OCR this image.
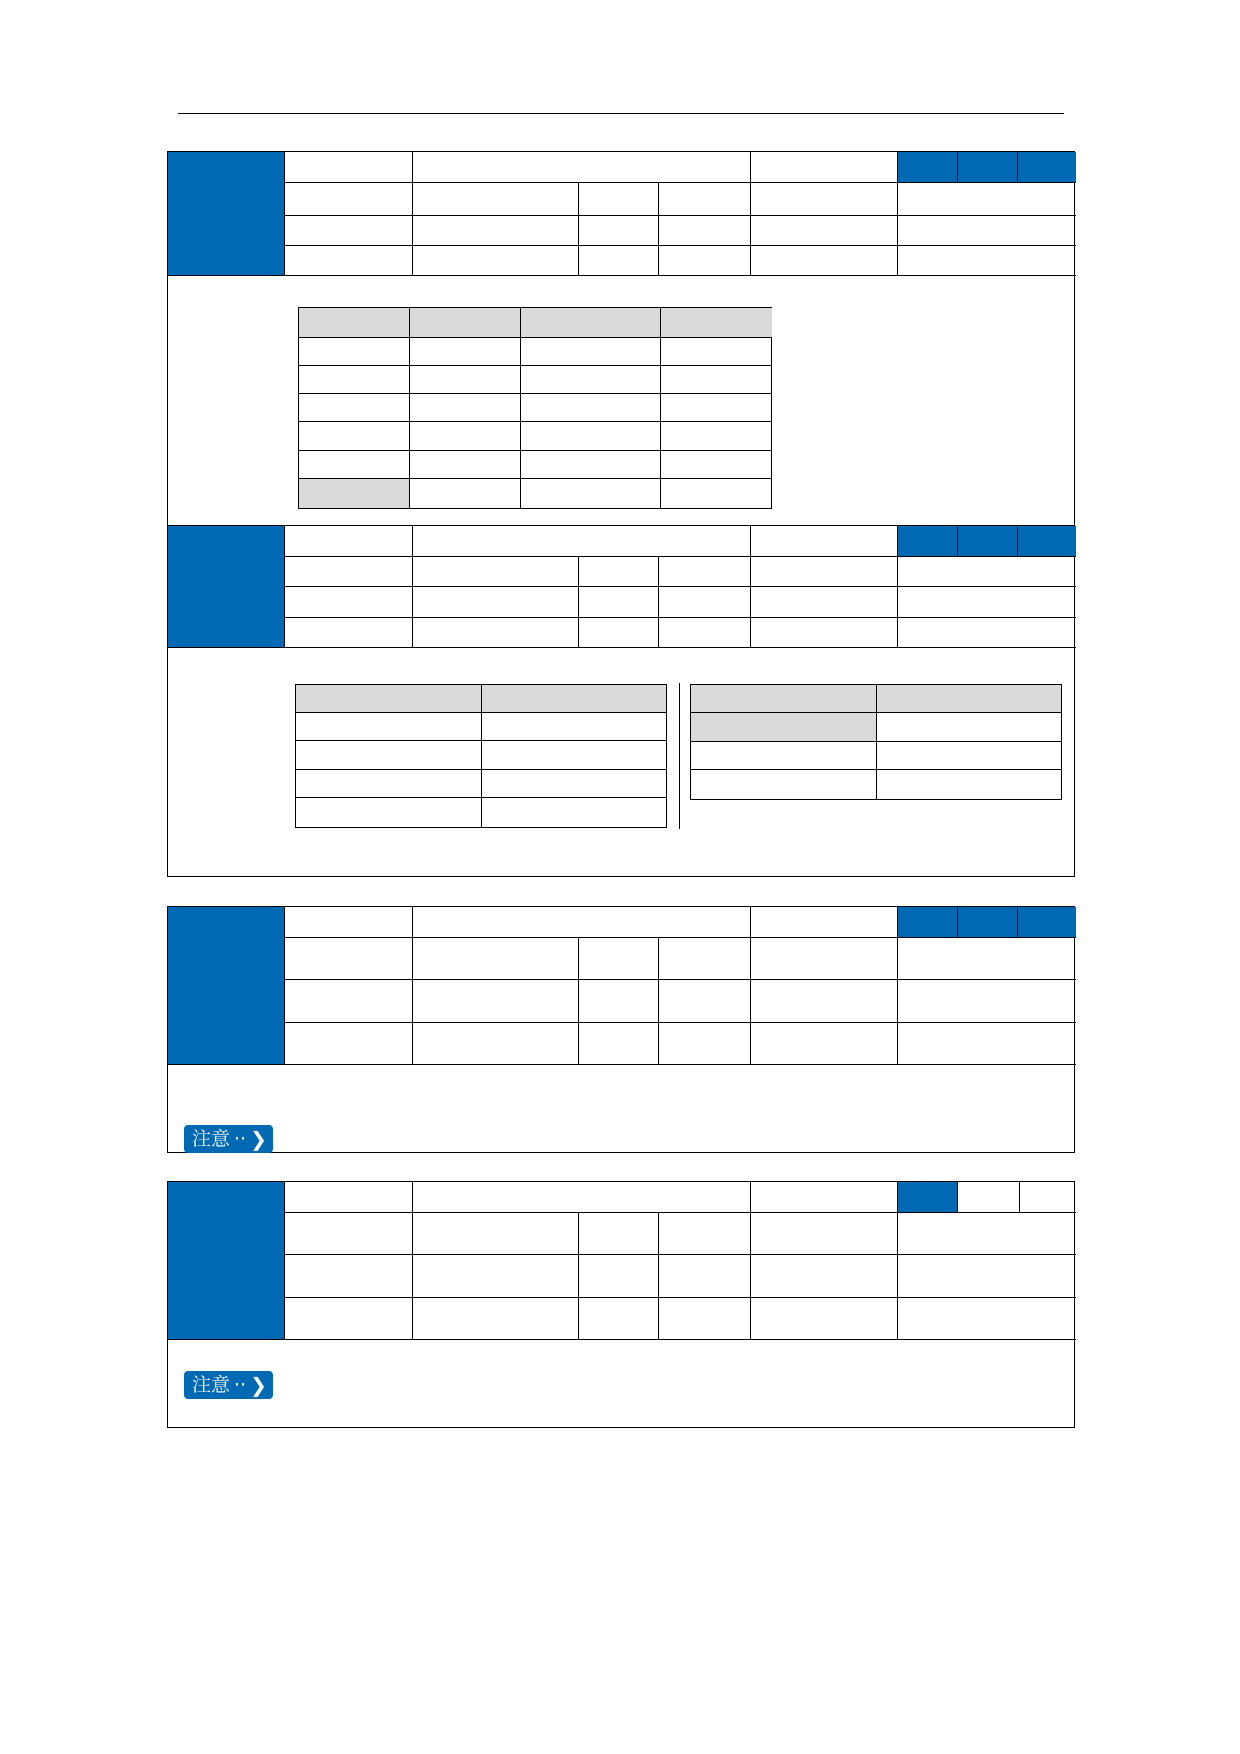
注意 ·· ❯
注意 ·· ❯
